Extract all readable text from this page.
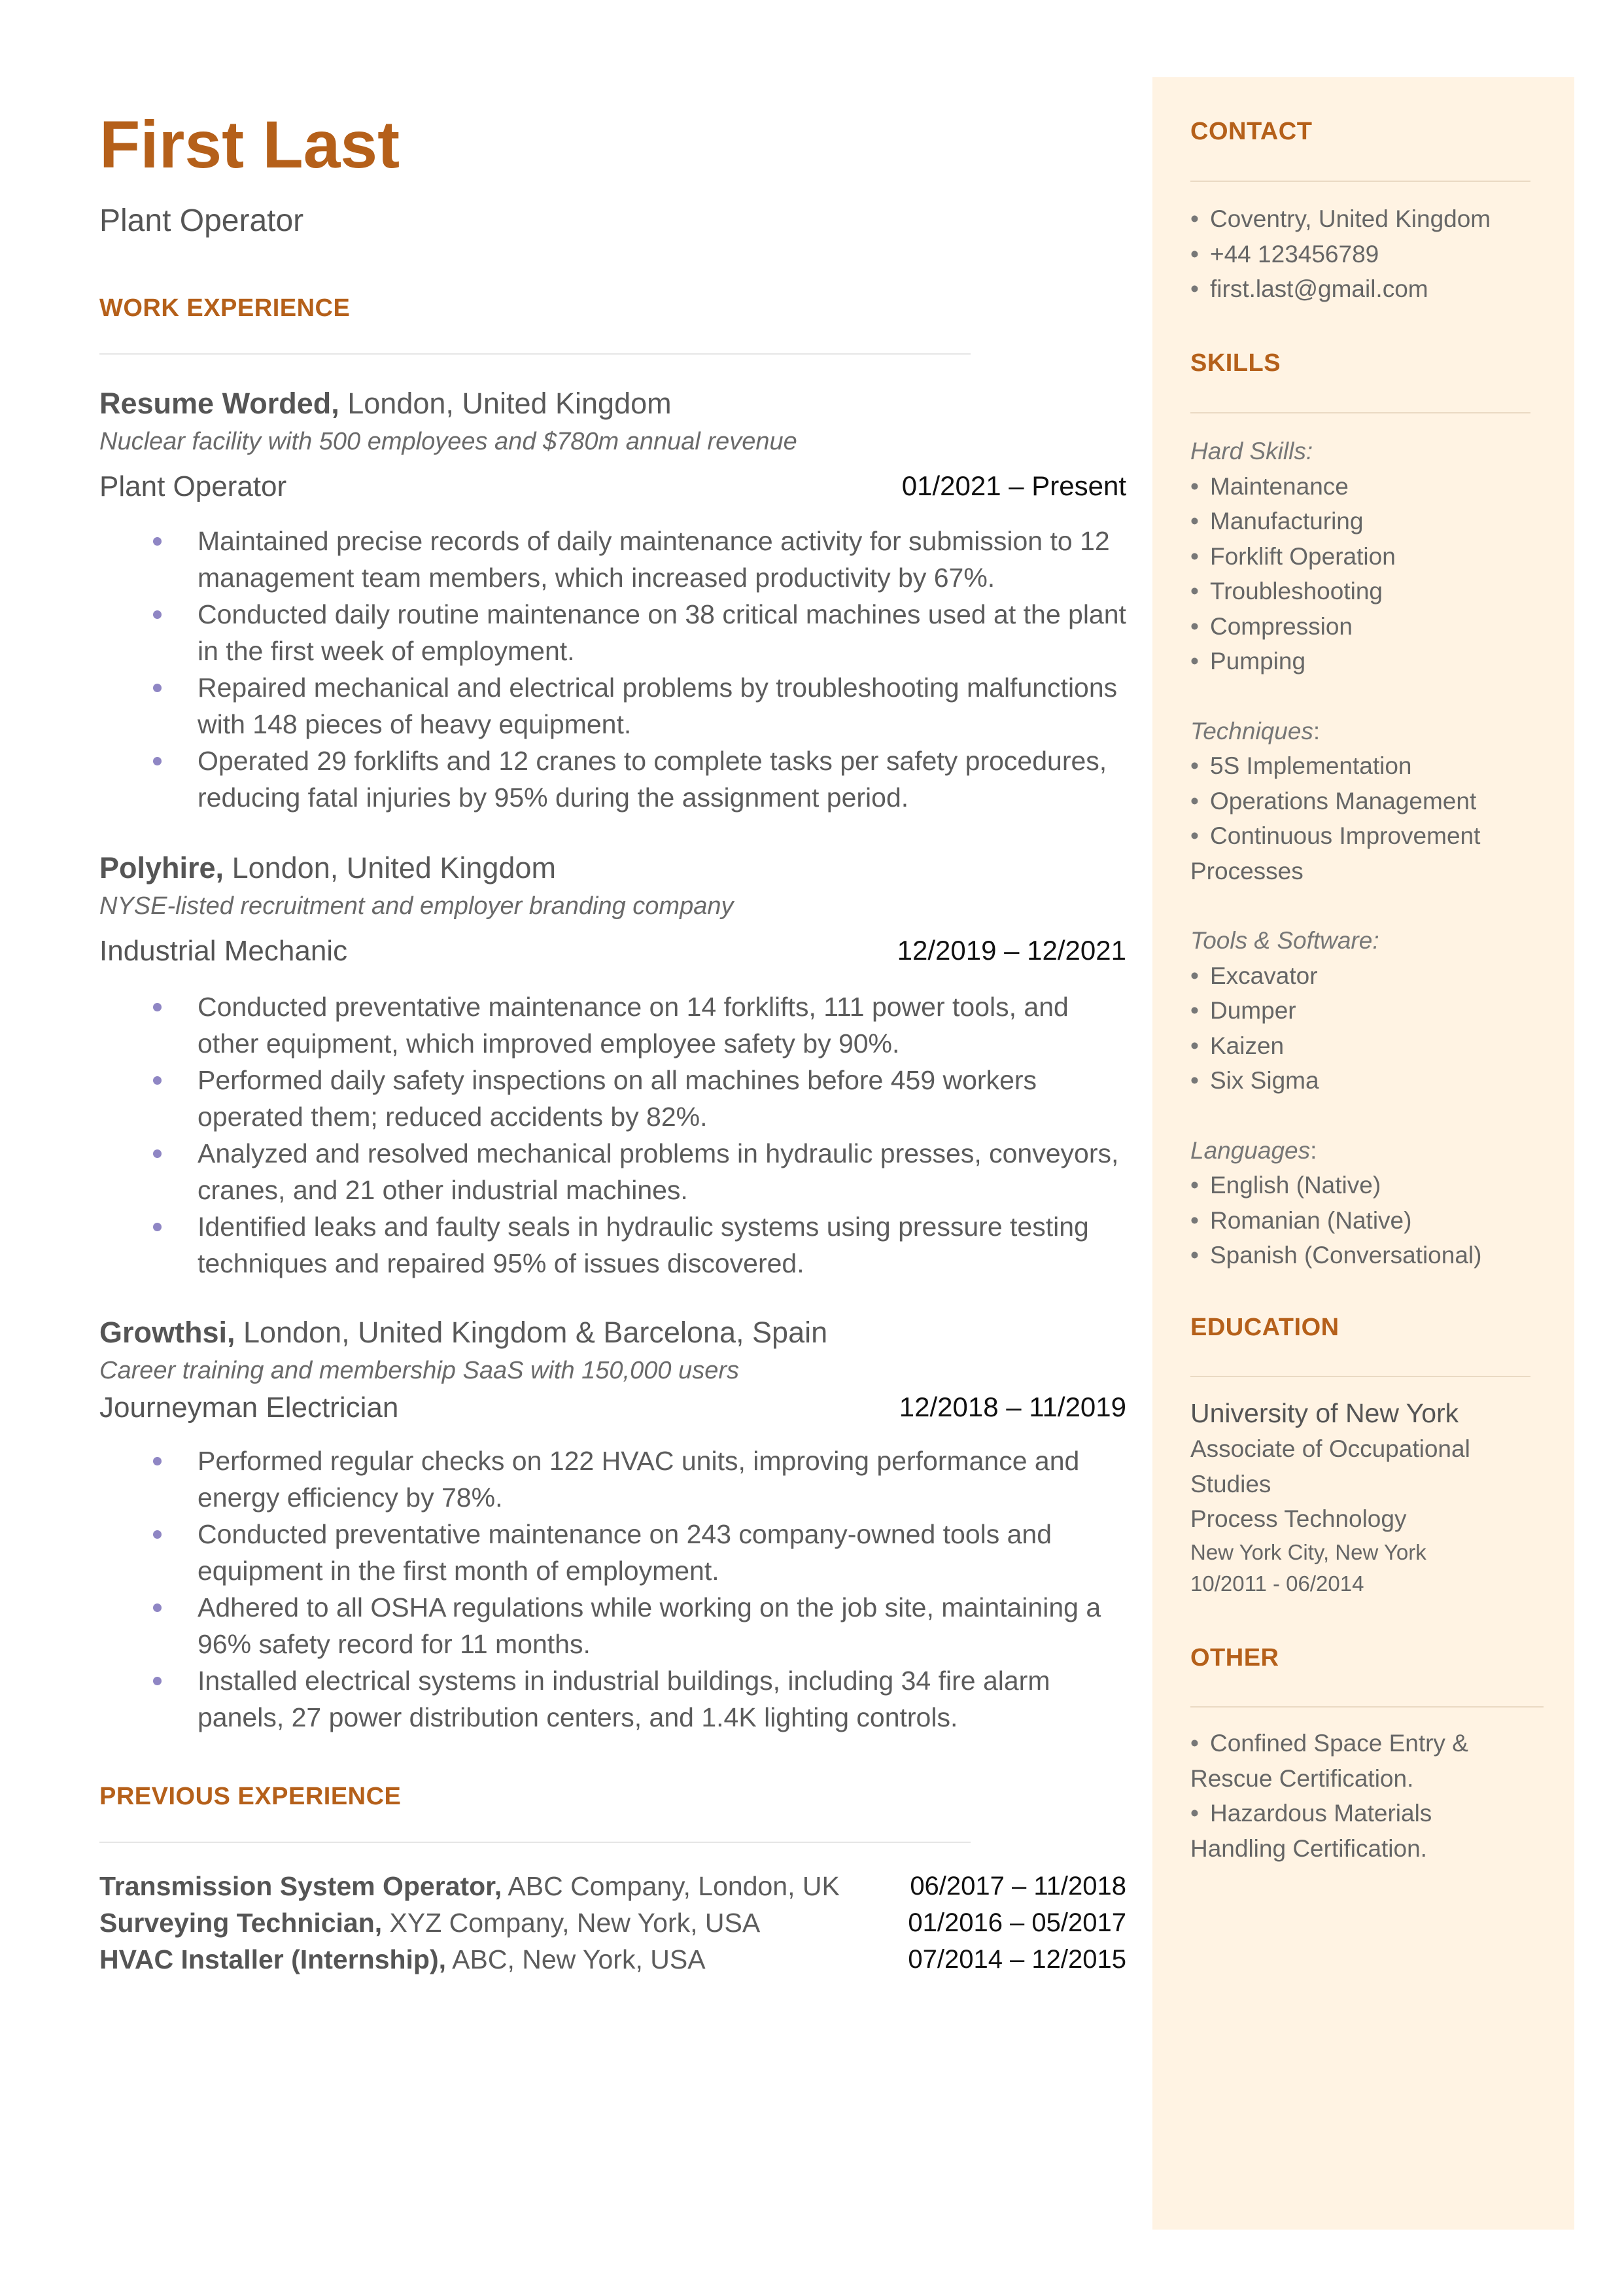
First Last
Plant Operator
WORK EXPERIENCE
Resume Worded, London, United Kingdom
Nuclear facility with 500 employees and $780m annual revenue
Plant Operator	01/2021 – Present
Maintained precise records of daily maintenance activity for submission to 12 management team members, which increased productivity by 67%.
Conducted daily routine maintenance on 38 critical machines used at the plant in the first week of employment.
Repaired mechanical and electrical problems by troubleshooting malfunctions with 148 pieces of heavy equipment.
Operated 29 forklifts and 12 cranes to complete tasks per safety procedures, reducing fatal injuries by 95% during the assignment period.
Polyhire, London, United Kingdom
NYSE-listed recruitment and employer branding company
Industrial Mechanic	12/2019 – 12/2021
Conducted preventative maintenance on 14 forklifts, 111 power tools, and other equipment, which improved employee safety by 90%.
Performed daily safety inspections on all machines before 459 workers operated them; reduced accidents by 82%.
Analyzed and resolved mechanical problems in hydraulic presses, conveyors, cranes, and 21 other industrial machines.
Identified leaks and faulty seals in hydraulic systems using pressure testing techniques and repaired 95% of issues discovered.
Growthsi, London, United Kingdom & Barcelona, Spain
Career training and membership SaaS with 150,000 users
Journeyman Electrician	12/2018 – 11/2019
Performed regular checks on 122 HVAC units, improving performance and energy efficiency by 78%.
Conducted preventative maintenance on 243 company-owned tools and equipment in the first month of employment.
Adhered to all OSHA regulations while working on the job site, maintaining a 96% safety record for 11 months.
Installed electrical systems in industrial buildings, including 34 fire alarm panels, 27 power distribution centers, and 1.4K lighting controls.
PREVIOUS EXPERIENCE
Transmission System Operator, ABC Company, London, UK	06/2017 – 11/2018
Surveying Technician, XYZ Company, New York, USA	01/2016 – 05/2017
HVAC Installer (Internship), ABC, New York, USA	07/2014 – 12/2015
CONTACT
• Coventry, United Kingdom
• +44 123456789
• first.last@gmail.com
SKILLS
Hard Skills:
• Maintenance
• Manufacturing
• Forklift Operation
• Troubleshooting
• Compression
• Pumping
Techniques:
• 5S Implementation
• Operations Management
• Continuous Improvement Processes
Tools & Software:
• Excavator
• Dumper
• Kaizen
• Six Sigma
Languages:
• English (Native)
• Romanian (Native)
• Spanish (Conversational)
EDUCATION
University of New York
Associate of Occupational Studies
Process Technology
New York City, New York
10/2011 - 06/2014
OTHER
• Confined Space Entry & Rescue Certification.
• Hazardous Materials Handling Certification.
